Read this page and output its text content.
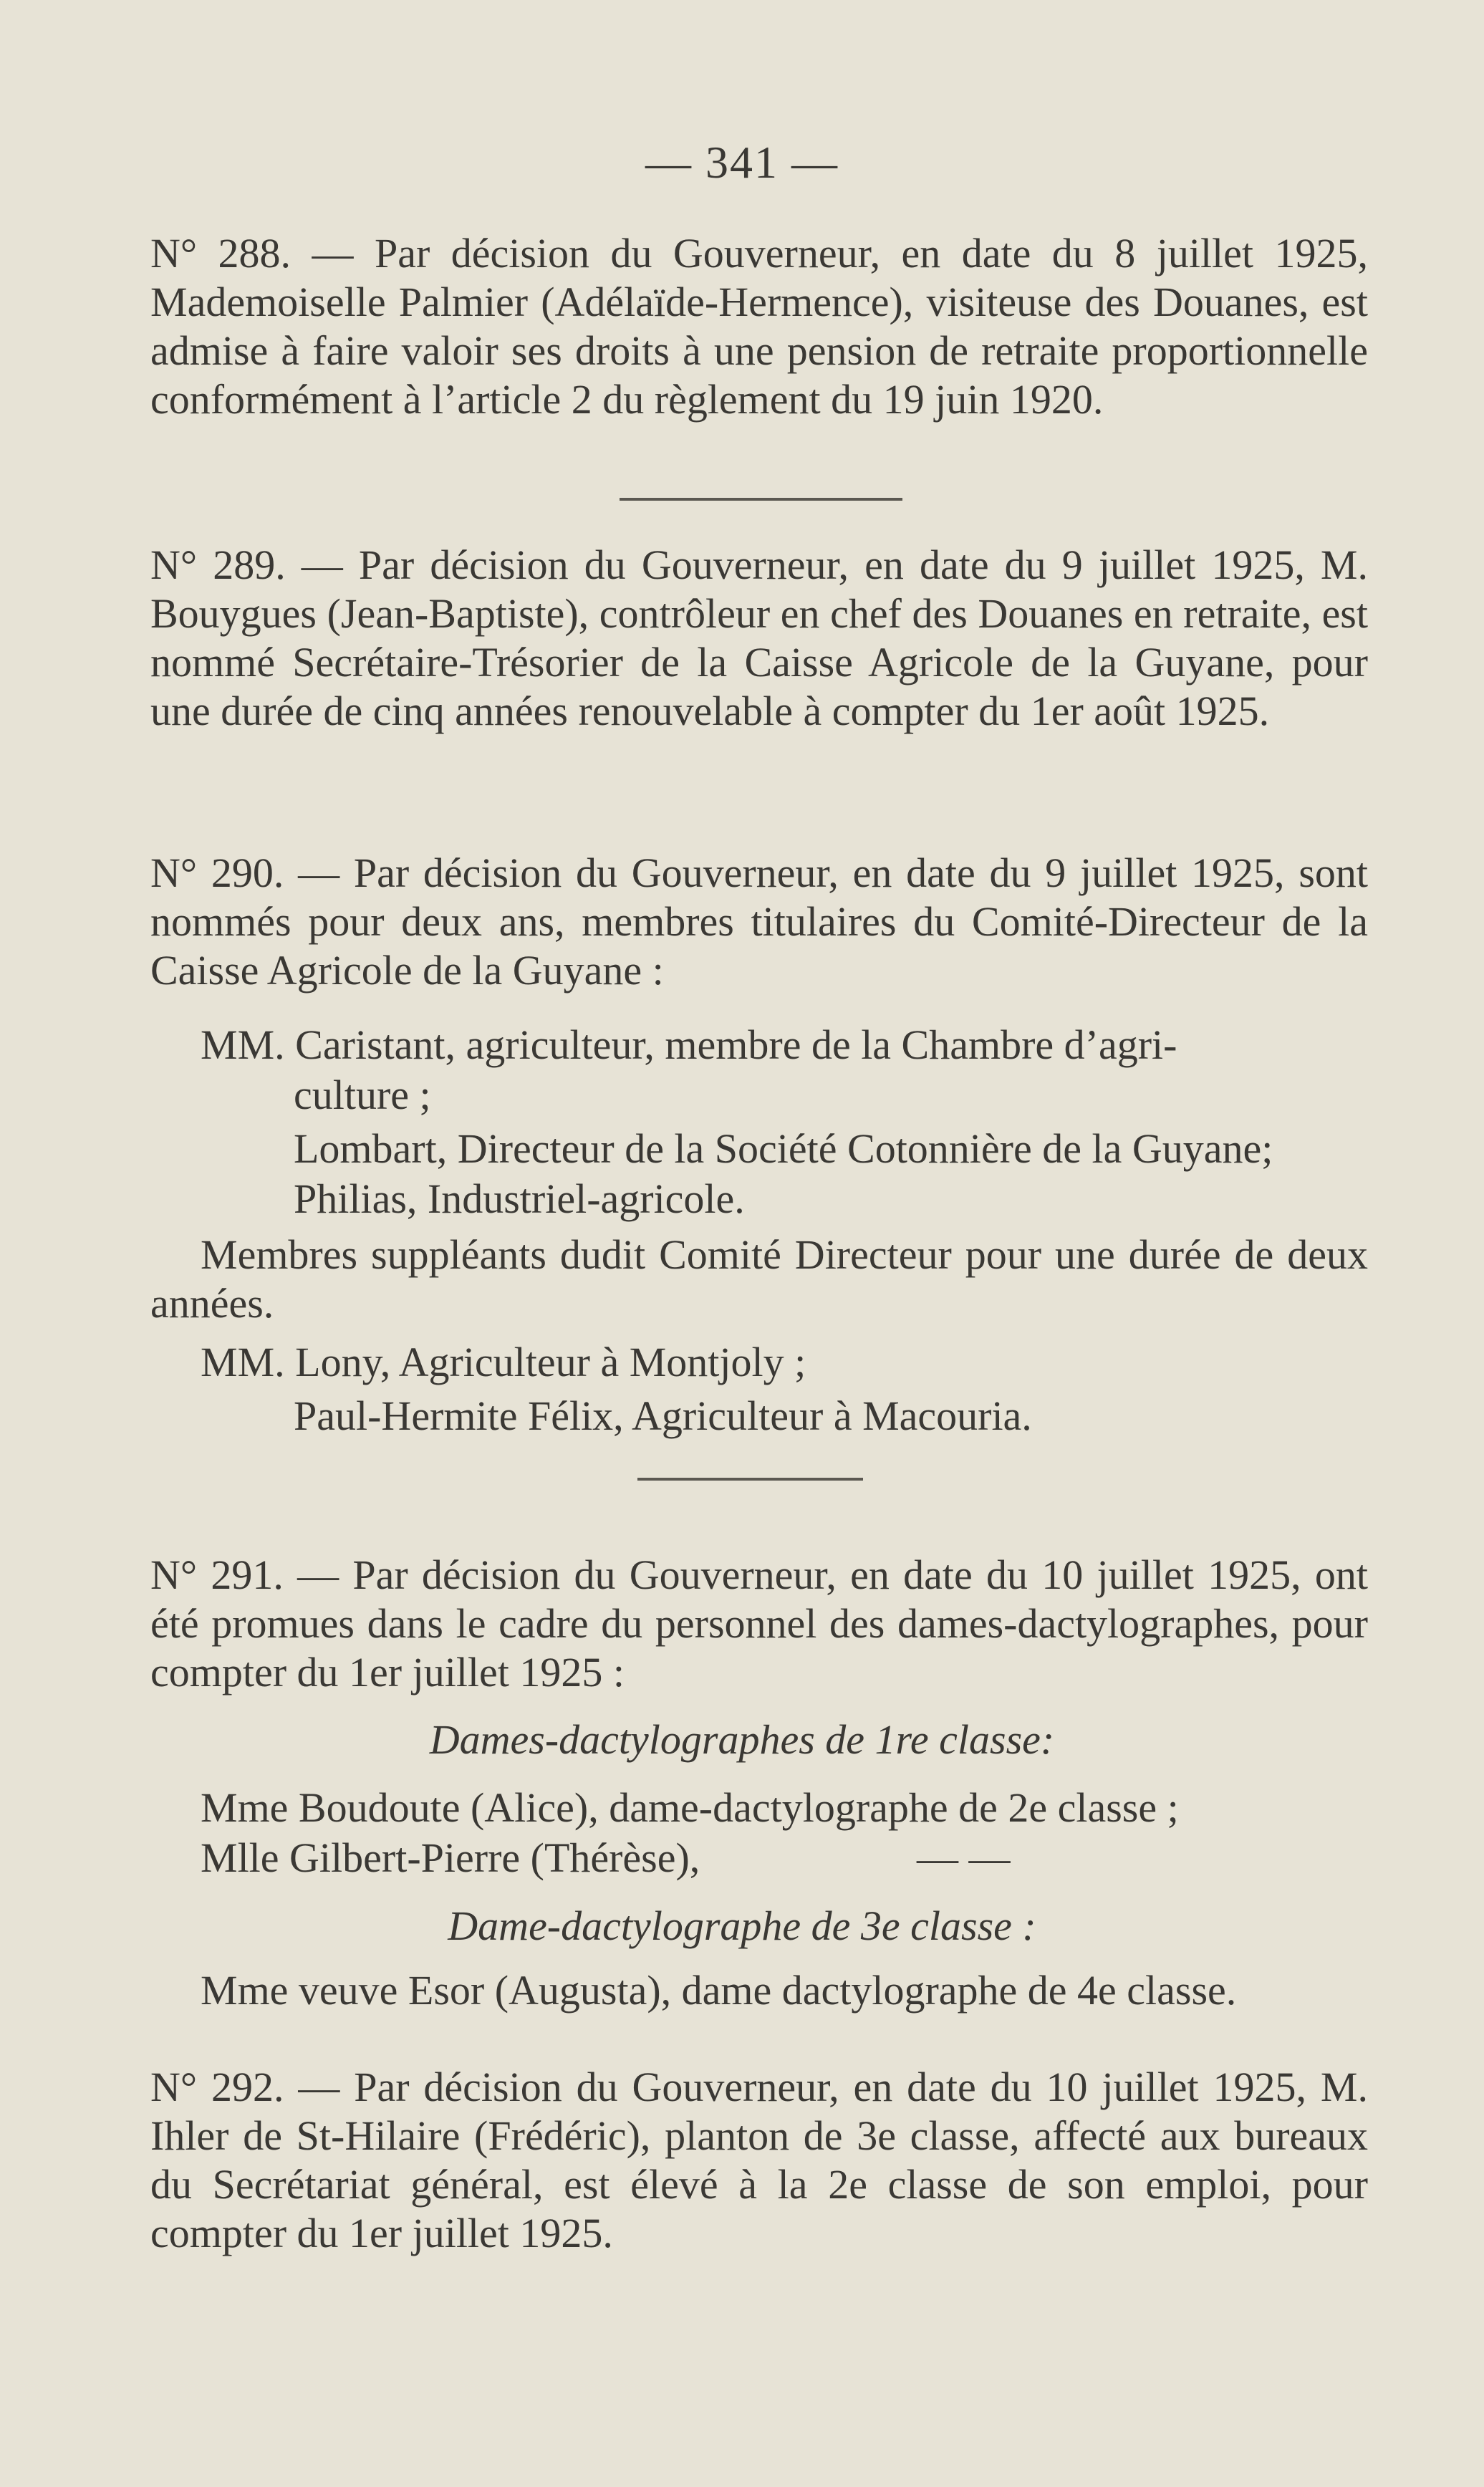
— 341 —

N° 288. — Par décision du Gouverneur, en date du 8 juillet 1925, Mademoiselle Palmier (Adélaïde-Hermence), visiteuse des Douanes, est admise à faire valoir ses droits à une pension de retraite proportionnelle conformément à l’article 2 du règlement du 19 juin 1920.

N° 289. — Par décision du Gouverneur, en date du 9 juillet 1925, M. Bouygues (Jean-Baptiste), contrôleur en chef des Douanes en retraite, est nommé Secrétaire-Trésorier de la Caisse Agricole de la Guyane, pour une durée de cinq années renouvelable à compter du 1er août 1925.

N° 290. — Par décision du Gouverneur, en date du 9 juillet 1925, sont nommés pour deux ans, membres titulaires du Comité-Directeur de la Caisse Agricole de la Guyane :

MM. Caristant, agriculteur, membre de la Chambre d’agri-
culture ;
Lombart, Directeur de la Société Cotonnière de la Guyane;
Philias, Industriel-agricole.

Membres suppléants dudit Comité Directeur pour une durée de deux années.

MM. Lony, Agriculteur à Montjoly ;
Paul-Hermite Félix, Agriculteur à Macouria.

N° 291. — Par décision du Gouverneur, en date du 10 juillet 1925, ont été promues dans le cadre du personnel des dames-dactylographes, pour compter du 1er juillet 1925 :

Dames-dactylographes de 1re classe:
Mme Boudoute (Alice), dame-dactylographe de 2e classe ;
Mlle Gilbert-Pierre (Thérèse),	— —
Dame-dactylographe de 3e classe :
Mme veuve Esor (Augusta), dame dactylographe de 4e classe.

N° 292. — Par décision du Gouverneur, en date du 10 juillet 1925, M. Ihler de St-Hilaire (Frédéric), planton de 3e classe, affecté aux bureaux du Secrétariat général, est élevé à la 2e classe de son emploi, pour compter du 1er juillet 1925.
